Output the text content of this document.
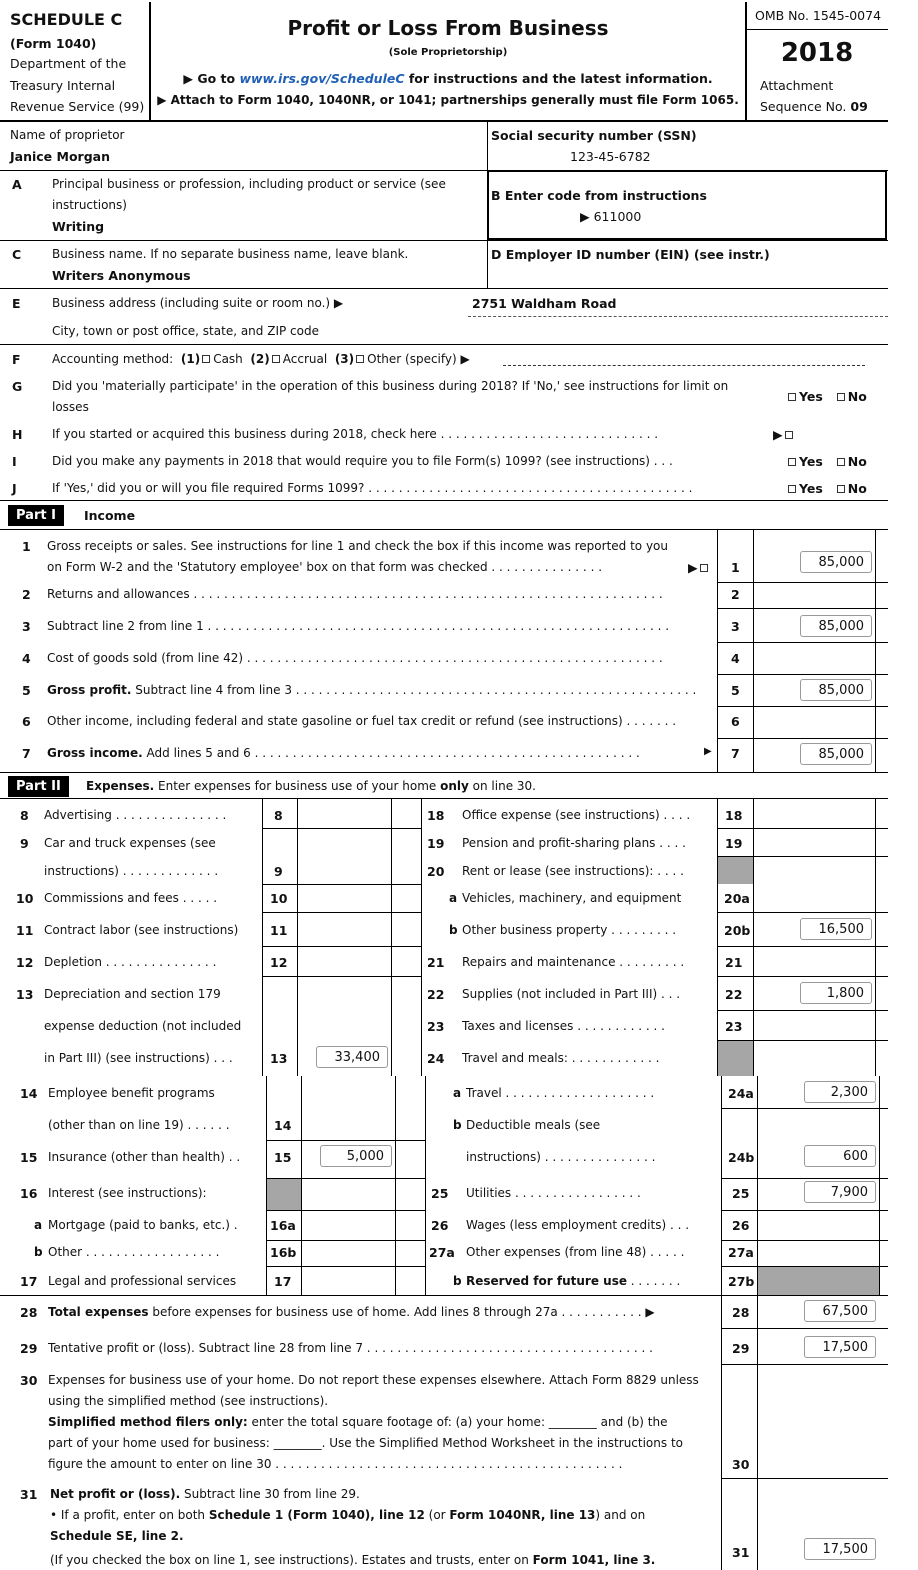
SCHEDULE C
(Form 1040)
Department of the
Treasury Internal
Revenue Service (99)
Profit or Loss From Business
(Sole Proprietorship)
▶ Go to www.irs.gov/ScheduleC for instructions and the latest information.
▶ Attach to Form 1040, 1040NR, or 1041; partnerships generally must file Form 1065.
OMB No. 1545-0074
2018
Attachment
Sequence No. 09
Name of proprietor
Janice Morgan
Social security number (SSN)
123-45-6782
A	Principal business or profession, including product or service (see
instructions)
Writing
B Enter code from instructions
▶ 611000
C	Business name. If no separate business name, leave blank.
Writers Anonymous
D Employer ID number (EIN) (see instr.)
E	Business address (including suite or room no.) ▶	2751 Waldham Road
City, town or post office, state, and ZIP code
F	Accounting method: (1) Cash (2) Accrual (3) Other (specify) ▶
G Did you 'materially participate' in the operation of this business during 2018? If 'No,' see instructions for limit on
losses
Yes No
H If you started or acquired this business during 2018, check here . . . . . . . . . . . . . . . . . . . . . . . . . . . . .	▶
I	Did you make any payments in 2018 that would require you to file Form(s) 1099? (see instructions) . . .	Yes No
J	If 'Yes,' did you or will you file required Forms 1099? . . . . . . . . . . . . . . . . . . . . . . . . . . . . . . . . . . . . . . . . . . .	Yes No
Part I	Income
1 Gross receipts or sales. See instructions for line 1 and check the box if this income was reported to you
on Form W-2 and the 'Statutory employee' box on that form was checked . . . . . . . . . . . . . . .	▶	1	85,000
2 Returns and allowances . . . . . . . . . . . . . . . . . . . . . . . . . . . . . . . . . . . . . . . . . . . . . . . . . . . . . . . . . . . . . .	2
3 Subtract line 2 from line 1 . . . . . . . . . . . . . . . . . . . . . . . . . . . . . . . . . . . . . . . . . . . . . . . . . . . . . . . . . . . . .	3	85,000
4 Cost of goods sold (from line 42) . . . . . . . . . . . . . . . . . . . . . . . . . . . . . . . . . . . . . . . . . . . . . . . . . . . . . . .	4
5 Gross profit. Subtract line 4 from line 3 . . . . . . . . . . . . . . . . . . . . . . . . . . . . . . . . . . . . . . . . . . . . . . . . . . . . .	5	85,000
6 Other income, including federal and state gasoline or fuel tax credit or refund (see instructions) . . . . . . .	6
7 Gross income. Add lines 5 and 6 . . . . . . . . . . . . . . . . . . . . . . . . . . . . . . . . . . . . . . . . . . . . . . . . . . .	▶ 7	85,000
Part II	Expenses. Enter expenses for business use of your home only on line 30.
8 Advertising . . . . . . . . . . . . . . .	8
9 Car and truck expenses (see
instructions) . . . . . . . . . . . . .	9
10 Commissions and fees . . . . .	10
11 Contract labor (see instructions)	11
12 Depletion . . . . . . . . . . . . . . .	12
13 Depreciation and section 179
expense deduction (not included
in Part III) (see instructions) . . .	13	33,400
14 Employee benefit programs
(other than on line 19) . . . . . .	14
15 Insurance (other than health) . .	15	5,000
16 Interest (see instructions):
a Mortgage (paid to banks, etc.) .	16a
b Other . . . . . . . . . . . . . . . . . .	16b
17 Legal and professional services	17
18 Office expense (see instructions) . . . .	18
19 Pension and profit-sharing plans . . . .	19
20 Rent or lease (see instructions): . . . .
a Vehicles, machinery, and equipment	20a
b Other business property . . . . . . . . .	20b	16,500
21 Repairs and maintenance . . . . . . . . .	21
22 Supplies (not included in Part III) . . .	22	1,800
23 Taxes and licenses . . . . . . . . . . . .	23
24 Travel and meals: . . . . . . . . . . . .
a Travel . . . . . . . . . . . . . . . . . . . .	24a	2,300
b Deductible meals (see
instructions) . . . . . . . . . . . . . . .	24b	600
25 Utilities . . . . . . . . . . . . . . . . .	25	7,900
26 Wages (less employment credits) . . .	26
27a Other expenses (from line 48) . . . . .	27a
b Reserved for future use . . . . . . .	27b
28 Total expenses before expenses for business use of home. Add lines 8 through 27a . . . . . . . . . . . ▶	28	67,500
29 Tentative profit or (loss). Subtract line 28 from line 7 . . . . . . . . . . . . . . . . . . . . . . . . . . . . . . . . . . . . . .	29	17,500
30 Expenses for business use of your home. Do not report these expenses elsewhere. Attach Form 8829 unless
using the simplified method (see instructions).
Simplified method filers only: enter the total square footage of: (a) your home: ________ and (b) the
part of your home used for business: ________. Use the Simplified Method Worksheet in the instructions to
figure the amount to enter on line 30 . . . . . . . . . . . . . . . . . . . . . . . . . . . . . . . . . . . . . . . . . . . . . .	30
31 Net profit or (loss). Subtract line 30 from line 29.
• If a profit, enter on both Schedule 1 (Form 1040), line 12 (or Form 1040NR, line 13) and on
Schedule SE, line 2.
(If you checked the box on line 1, see instructions). Estates and trusts, enter on Form 1041, line 3.	31	17,500
